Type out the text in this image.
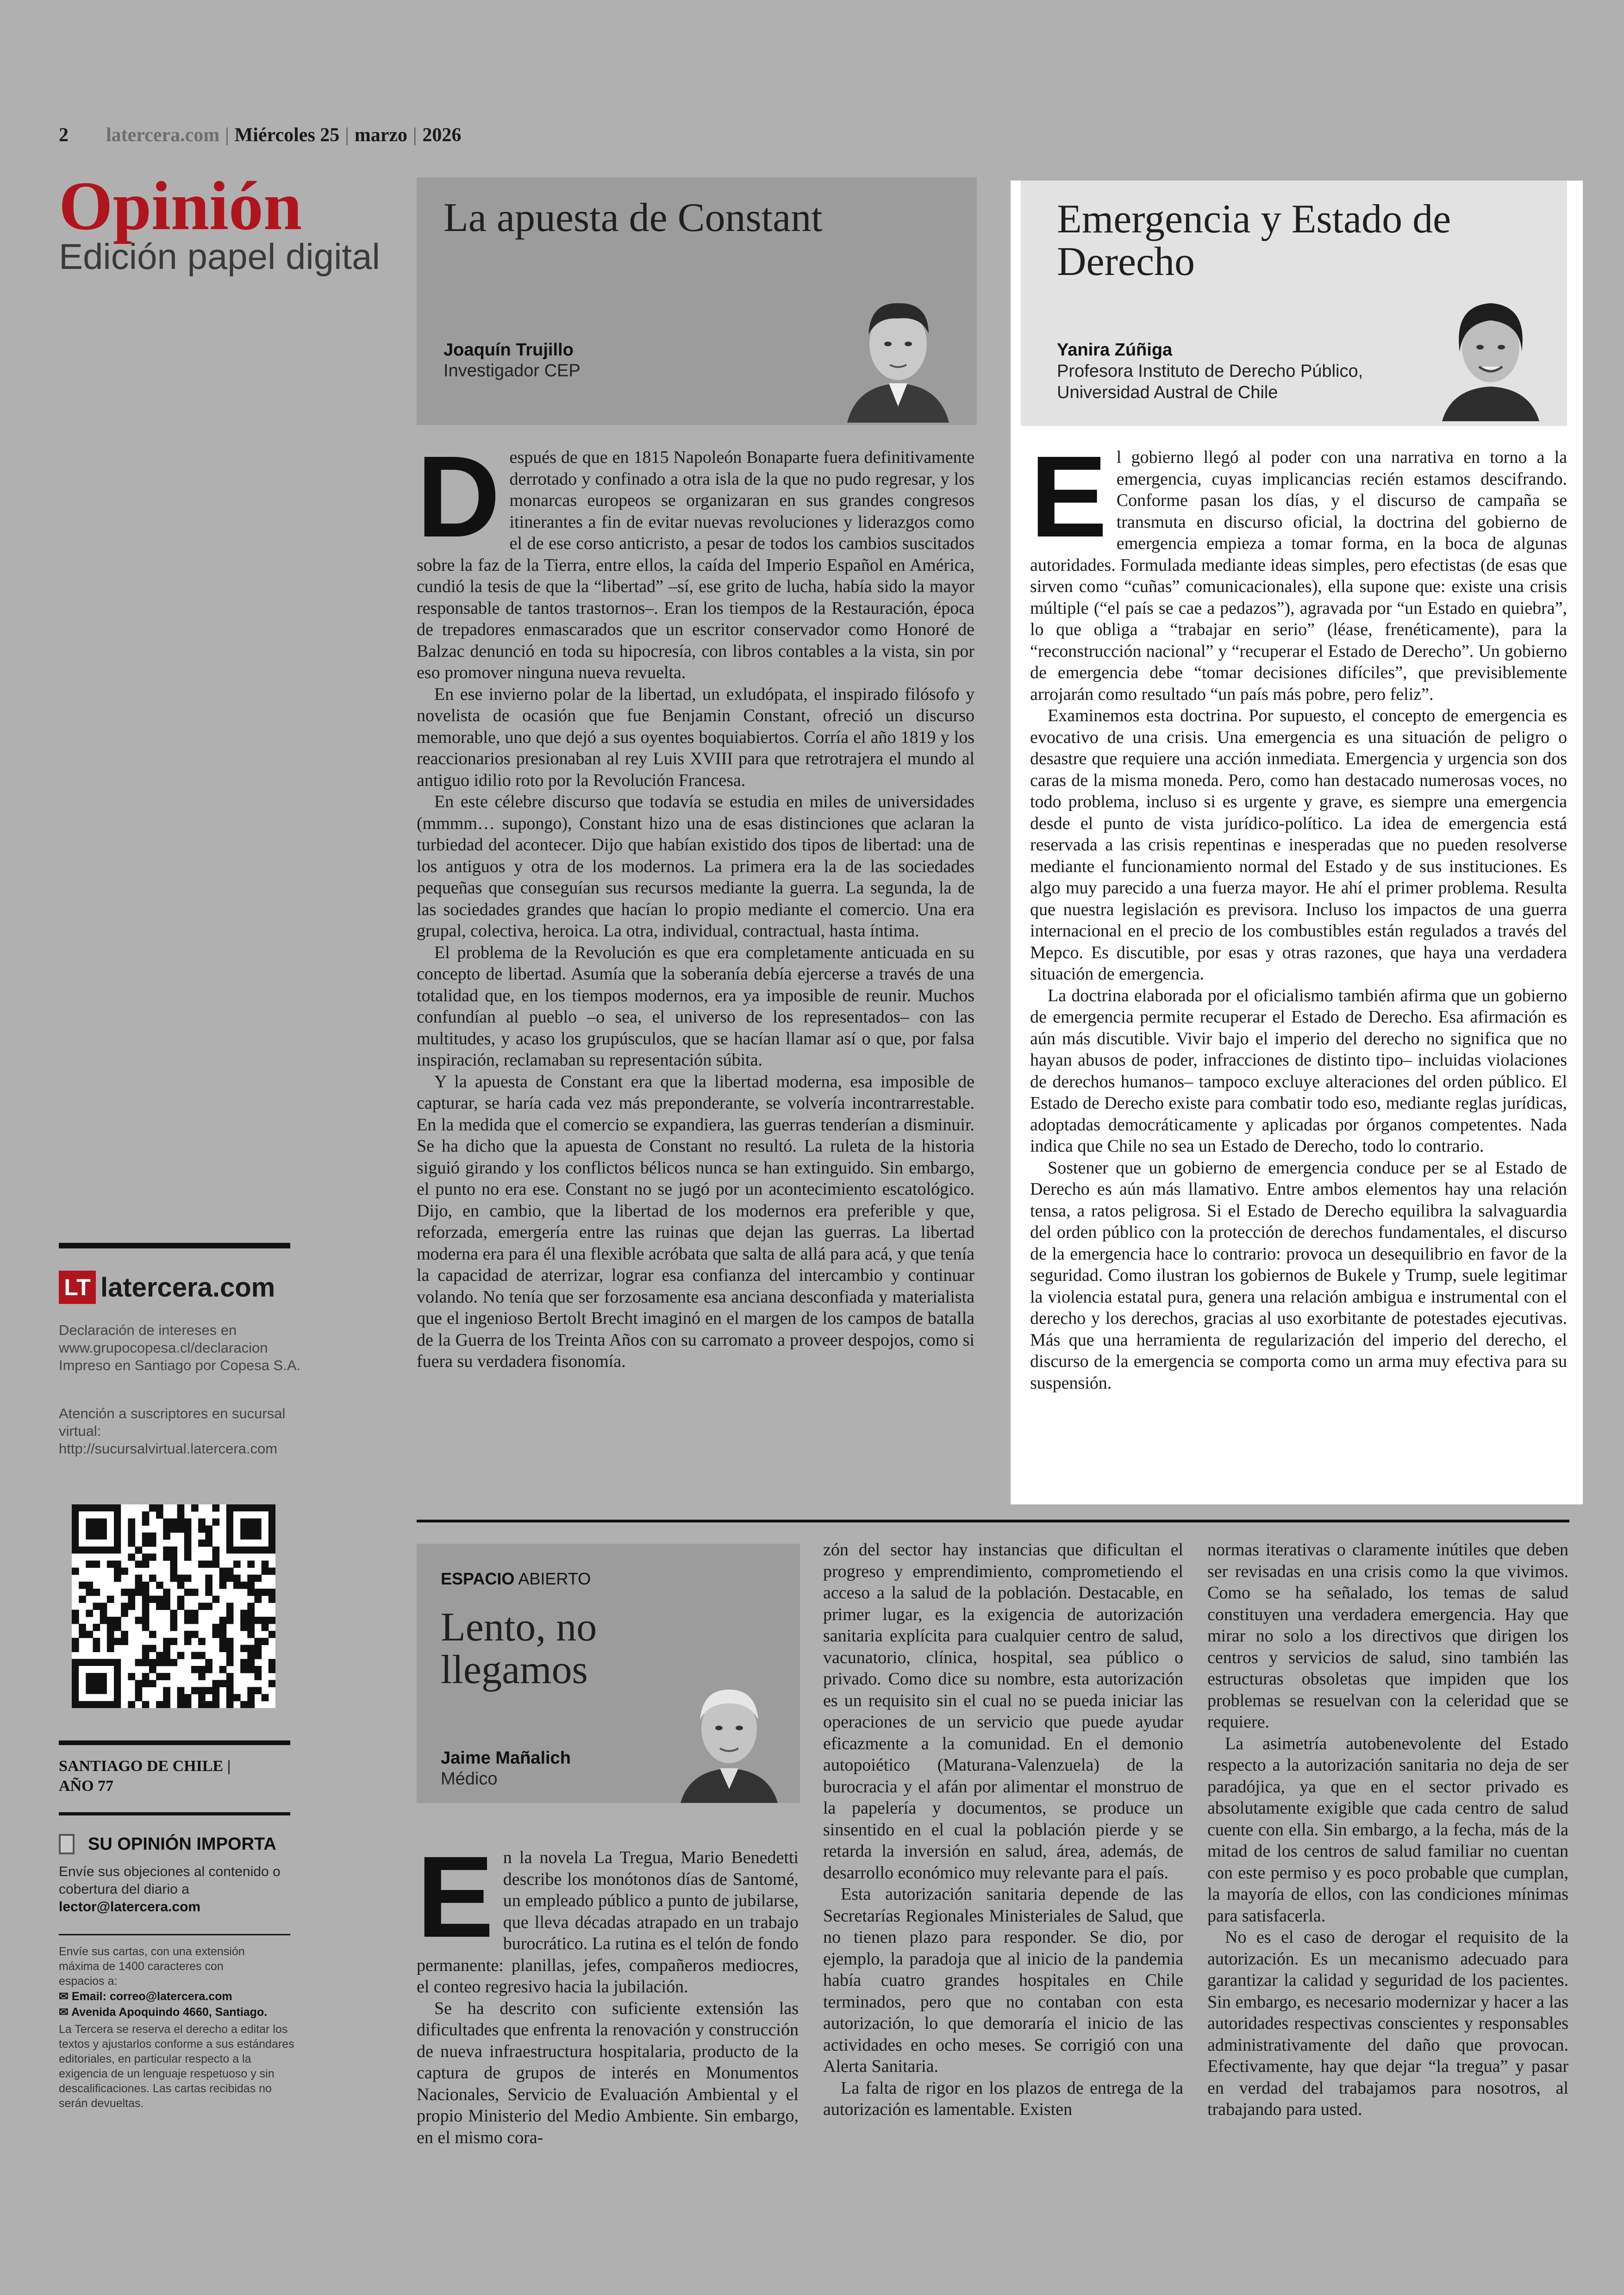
2 latercera.com | Miércoles 25 | marzo | 2026
Opinión
Edición papel digital
La apuesta de Constant
Joaquín Trujillo
Investigador CEP

Después de que en 1815 Napoleón Bonaparte fuera definitivamente derrotado y confinado a otra isla de la que no pudo regresar, y los monarcas europeos se organizaran en sus grandes congresos itinerantes a fin de evitar nuevas revoluciones y liderazgos como el de ese corso anticristo, a pesar de todos los cambios suscitados sobre la faz de la Tierra, entre ellos, la caída del Imperio Español en América, cundió la tesis de que la “libertad” –sí, ese grito de lucha, había sido la mayor responsable de tantos trastornos–. Eran los tiempos de la Restauración, época de trepadores enmascarados que un escritor conservador como Honoré de Balzac denunció en toda su hipocresía, con libros contables a la vista, sin por eso promover ninguna nueva revuelta.

En ese invierno polar de la libertad, un exludópata, el inspirado filósofo y novelista de ocasión que fue Benjamin Constant, ofreció un discurso memorable, uno que dejó a sus oyentes boquiabiertos. Corría el año 1819 y los reaccionarios presionaban al rey Luis XVIII para que retrotrajera el mundo al antiguo idilio roto por la Revolución Francesa.

En este célebre discurso que todavía se estudia en miles de universidades (mmmm… supongo), Constant hizo una de esas distinciones que aclaran la turbiedad del acontecer. Dijo que habían existido dos tipos de libertad: una de los antiguos y otra de los modernos. La primera era la de las sociedades pequeñas que conseguían sus recursos mediante la guerra. La segunda, la de las sociedades grandes que hacían lo propio mediante el comercio. Una era grupal, colectiva, heroica. La otra, individual, contractual, hasta íntima.

El problema de la Revolución es que era completamente anticuada en su concepto de libertad. Asumía que la soberanía debía ejercerse a través de una totalidad que, en los tiempos modernos, era ya imposible de reunir. Muchos confundían al pueblo –o sea, el universo de los representados– con las multitudes, y acaso los grupúsculos, que se hacían llamar así o que, por falsa inspiración, reclamaban su representación súbita.

Y la apuesta de Constant era que la libertad moderna, esa imposible de capturar, se haría cada vez más preponderante, se volvería incontrarrestable. En la medida que el comercio se expandiera, las guerras tenderían a disminuir. Se ha dicho que la apuesta de Constant no resultó. La ruleta de la historia siguió girando y los conflictos bélicos nunca se han extinguido. Sin embargo, el punto no era ese. Constant no se jugó por un acontecimiento escatológico. Dijo, en cambio, que la libertad de los modernos era preferible y que, reforzada, emergería entre las ruinas que dejan las guerras. La libertad moderna era para él una flexible acróbata que salta de allá para acá, y que tenía la capacidad de aterrizar, lograr esa confianza del intercambio y continuar volando. No tenía que ser forzosamente esa anciana desconfiada y materialista que el ingenioso Bertolt Brecht imaginó en el margen de los campos de batalla de la Guerra de los Treinta Años con su carromato a proveer despojos, como si fuera su verdadera fisonomía.

Emergencia y Estado de Derecho
Yanira Zúñiga
Profesora Instituto de Derecho Público, Universidad Austral de Chile

El gobierno llegó al poder con una narrativa en torno a la emergencia, cuyas implicancias recién estamos descifrando. Conforme pasan los días, y el discurso de campaña se transmuta en discurso oficial, la doctrina del gobierno de emergencia empieza a tomar forma, en la boca de algunas autoridades. Formulada mediante ideas simples, pero efectistas (de esas que sirven como “cuñas” comunicacionales), ella supone que: existe una crisis múltiple (“el país se cae a pedazos”), agravada por “un Estado en quiebra”, lo que obliga a “trabajar en serio” (léase, frenéticamente), para la “reconstrucción nacional” y “recuperar el Estado de Derecho”. Un gobierno de emergencia debe “tomar decisiones difíciles”, que previsiblemente arrojarán como resultado “un país más pobre, pero feliz”.

Examinemos esta doctrina. Por supuesto, el concepto de emergencia es evocativo de una crisis. Una emergencia es una situación de peligro o desastre que requiere una acción inmediata. Emergencia y urgencia son dos caras de la misma moneda. Pero, como han destacado numerosas voces, no todo problema, incluso si es urgente y grave, es siempre una emergencia desde el punto de vista jurídico-político. La idea de emergencia está reservada a las crisis repentinas e inesperadas que no pueden resolverse mediante el funcionamiento normal del Estado y de sus instituciones. Es algo muy parecido a una fuerza mayor. He ahí el primer problema. Resulta que nuestra legislación es previsora. Incluso los impactos de una guerra internacional en el precio de los combustibles están regulados a través del Mepco. Es discutible, por esas y otras razones, que haya una verdadera situación de emergencia.

La doctrina elaborada por el oficialismo también afirma que un gobierno de emergencia permite recuperar el Estado de Derecho. Esa afirmación es aún más discutible. Vivir bajo el imperio del derecho no significa que no hayan abusos de poder, infracciones de distinto tipo– incluidas violaciones de derechos humanos– tampoco excluye alteraciones del orden público. El Estado de Derecho existe para combatir todo eso, mediante reglas jurídicas, adoptadas democráticamente y aplicadas por órganos competentes. Nada indica que Chile no sea un Estado de Derecho, todo lo contrario.

Sostener que un gobierno de emergencia conduce per se al Estado de Derecho es aún más llamativo. Entre ambos elementos hay una relación tensa, a ratos peligrosa. Si el Estado de Derecho equilibra la salvaguardia del orden público con la protección de derechos fundamentales, el discurso de la emergencia hace lo contrario: provoca un desequilibrio en favor de la seguridad. Como ilustran los gobiernos de Bukele y Trump, suele legitimar la violencia estatal pura, genera una relación ambigua e instrumental con el derecho y los derechos, gracias al uso exorbitante de potestades ejecutivas. Más que una herramienta de regularización del imperio del derecho, el discurso de la emergencia se comporta como un arma muy efectiva para su suspensión.

ESPACIO ABIERTO
Lento, no llegamos
Jaime Mañalich
Médico

En la novela La Tregua, Mario Benedetti describe los monótonos días de Santomé, un empleado público a punto de jubilarse, que lleva décadas atrapado en un trabajo burocrático. La rutina es el telón de fondo permanente: planillas, jefes, compañeros mediocres, el conteo regresivo hacia la jubilación.

Se ha descrito con suficiente extensión las dificultades que enfrenta la renovación y construcción de nueva infraestructura hospitalaria, producto de la captura de grupos de interés en Monumentos Nacionales, Servicio de Evaluación Ambiental y el propio Ministerio del Medio Ambiente. Sin embargo, en el mismo cora-

zón del sector hay instancias que dificultan el progreso y emprendimiento, comprometiendo el acceso a la salud de la población. Destacable, en primer lugar, es la exigencia de autorización sanitaria explícita para cualquier centro de salud, vacunatorio, clínica, hospital, sea público o privado. Como dice su nombre, esta autorización es un requisito sin el cual no se pueda iniciar las operaciones de un servicio que puede ayudar eficazmente a la comunidad. En el demonio autopoiético (Maturana-Valenzuela) de la burocracia y el afán por alimentar el monstruo de la papelería y documentos, se produce un sinsentido en el cual la población pierde y se retarda la inversión en salud, área, además, de desarrollo económico muy relevante para el país.

Esta autorización sanitaria depende de las Secretarías Regionales Ministeriales de Salud, que no tienen plazo para responder. Se dio, por ejemplo, la paradoja que al inicio de la pandemia había cuatro grandes hospitales en Chile terminados, pero que no contaban con esta autorización, lo que demoraría el inicio de las actividades en ocho meses. Se corrigió con una Alerta Sanitaria.

La falta de rigor en los plazos de entrega de la autorización es lamentable. Existen

normas iterativas o claramente inútiles que deben ser revisadas en una crisis como la que vivimos. Como se ha señalado, los temas de salud constituyen una verdadera emergencia. Hay que mirar no solo a los directivos que dirigen los centros y servicios de salud, sino también las estructuras obsoletas que impiden que los problemas se resuelvan con la celeridad que se requiere.

La asimetría autobenevolente del Estado respecto a la autorización sanitaria no deja de ser paradójica, ya que en el sector privado es absolutamente exigible que cada centro de salud cuente con ella. Sin embargo, a la fecha, más de la mitad de los centros de salud familiar no cuentan con este permiso y es poco probable que cumplan, la mayoría de ellos, con las condiciones mínimas para satisfacerla.

No es el caso de derogar el requisito de la autorización. Es un mecanismo adecuado para garantizar la calidad y seguridad de los pacientes. Sin embargo, es necesario modernizar y hacer a las autoridades respectivas conscientes y responsables administrativamente del daño que provocan. Efectivamente, hay que dejar “la tregua” y pasar en verdad del trabajamos para nosotros, al trabajando para usted.

LT latercera.com
Declaración de intereses en www.grupocopesa.cl/declaracion Impreso en Santiago por Copesa S.A.
Atención a suscriptores en sucursal virtual: http://sucursalvirtual.latercera.com
SANTIAGO DE CHILE |
AÑO 77
SU OPINIÓN IMPORTA
Envíe sus objeciones al contenido o cobertura del diario a
lector@latercera.com
Envíe sus cartas, con una extensión máxima de 1400 caracteres con espacios a:
✉ Email: correo@latercera.com
✉ Avenida Apoquindo 4660, Santiago.
La Tercera se reserva el derecho a editar los textos y ajustarlos conforme a sus estándares editoriales, en particular respecto a la exigencia de un lenguaje respetuoso y sin descalificaciones. Las cartas recibidas no serán devueltas.
